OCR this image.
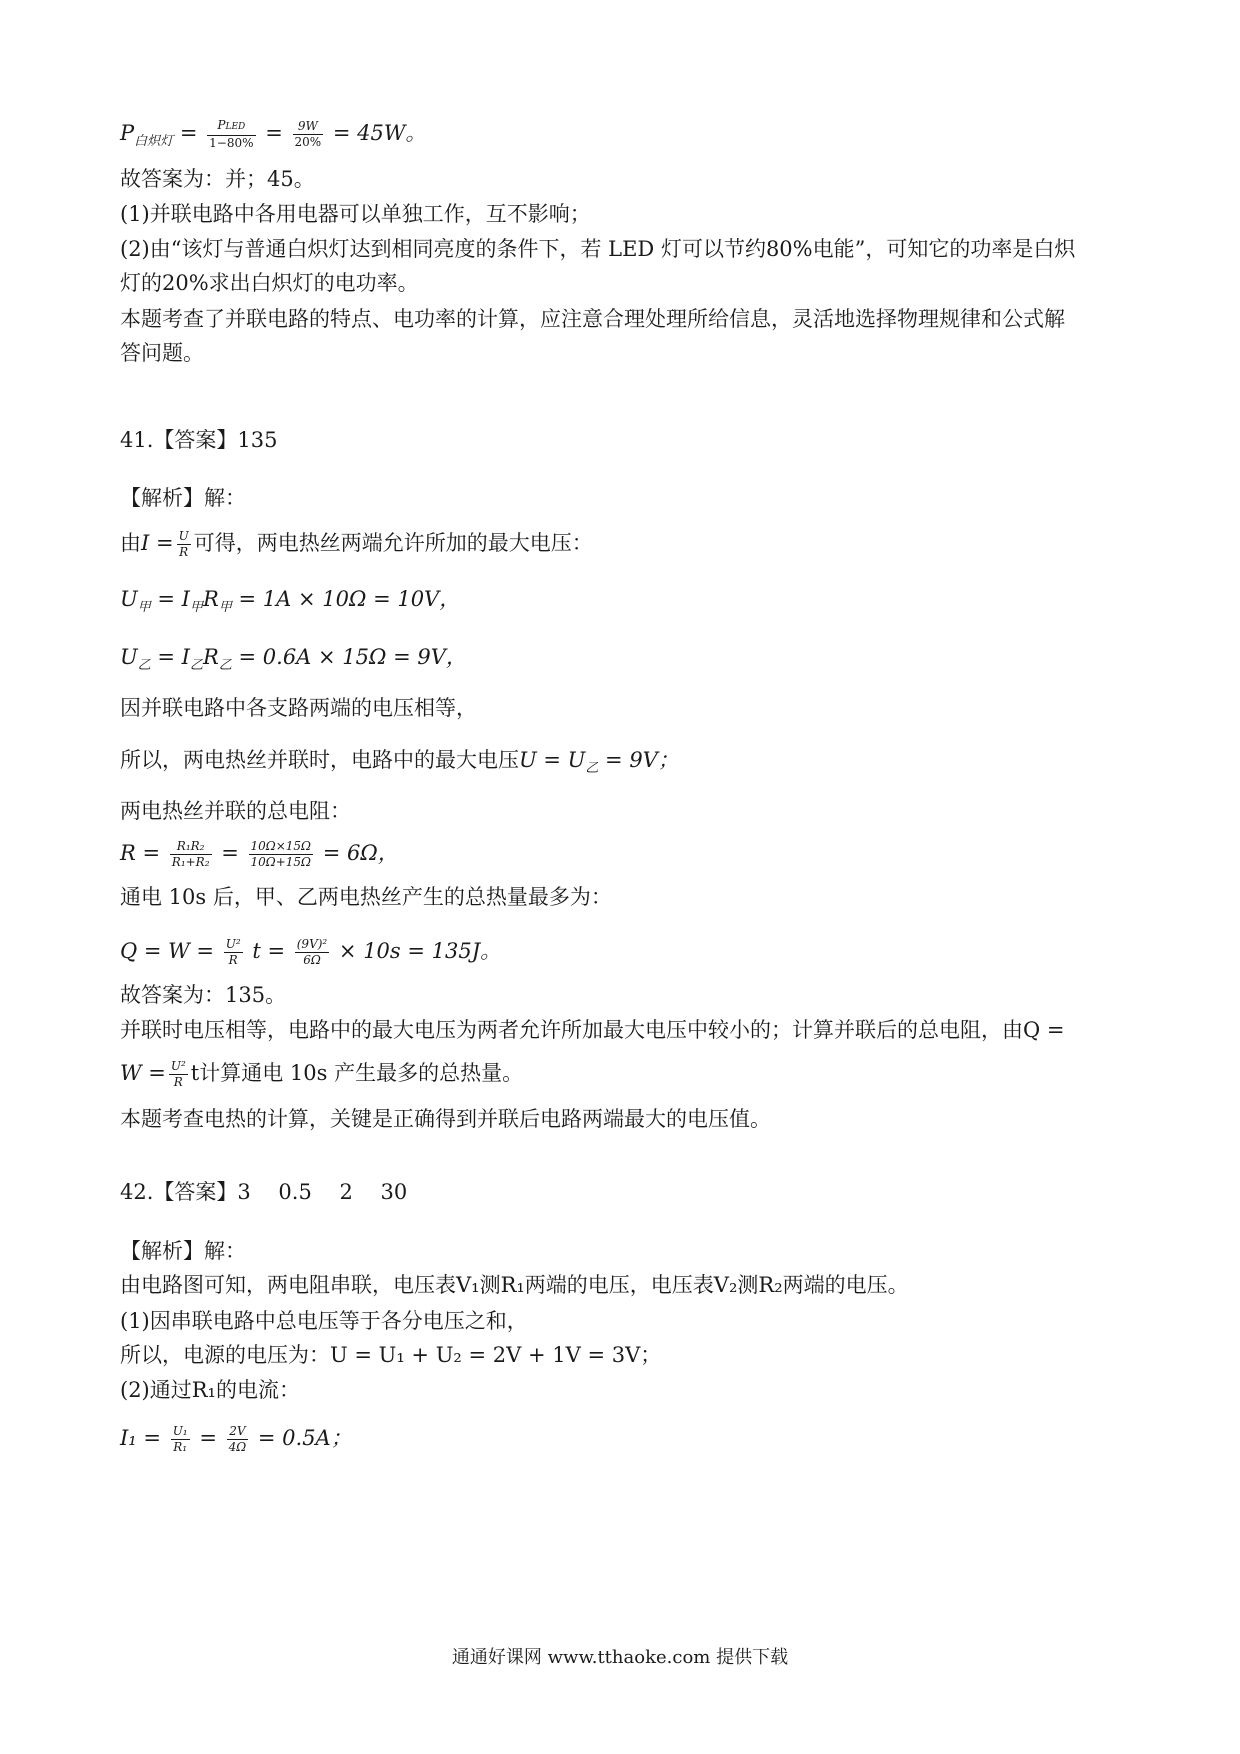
$P_{白炽灯} = \frac{\text{PLED}}{1-80\%} = \frac{9W}{20\%} = 45W$。
故答案为：并；45。
(1)并联电路中各用电器可以单独工作，互不影响；
(2)由“该灯与普通白炽灯达到相同亮度的条件下，若 LED 灯可以节约80%电能”，可知它的功率是白炽
灯的20%求出白炽灯的电功率。
本题考查了并联电路的特点、电功率的计算，应注意合理处理所给信息，灵活地选择物理规律和公式解
答问题。
41.【答案】135
【解析】解：
由$I = \frac{U}{R}$ 可得，两电热丝两端允许所加的最大电压：
$U_甲 = I_甲R_甲 = 1A \times 10\Omega = 10V$，
$U_乙 = I_乙R_乙 = 0.6A \times 15\Omega = 9V$，
因并联电路中各支路两端的电压相等，
所以，两电热丝并联时，电路中的最大电压$U = U_乙 = 9V$；
两电热丝并联的总电阻：
$R = \frac{\text{R₁R₂}}{\text{R₁+R₂}} = \frac{10\Omega\times 15\Omega}{10\Omega+15\Omega} = 6\Omega$，
通电 10s 后，甲、乙两电热丝产生的总热量最多为：
$Q = W = \frac{\text{U²}}{R}$ $t = \frac{\text{(9V)²}}{6\Omega} \times 10s = 135J$。
故答案为：135。
并联时电压相等，电路中的最大电压为两者允许所加最大电压中较小的；计算并联后的总电阻，由Q =
$W = \frac{\text{U²}}{R}$ t计算通电 10s 产生最多的总热量。
本题考查电热的计算，关键是正确得到并联后电路两端最大的电压值。
42.【答案】3　 0.5　 2　 30
【解析】解：
由电路图可知，两电阻串联，电压表V₁测R₁两端的电压，电压表V₂测R₂两端的电压。
(1)因串联电路中总电压等于各分电压之和，
所以，电源的电压为：U = U₁ + U₂ = 2V + 1V = 3V；
(2)通过R₁的电流：
$I_1 = \frac{\text{U₁}}{\text{R₁}} = \frac{2V}{4\Omega} = 0.5A$；
通通好课网 www.tthaoke.com 提供下载
